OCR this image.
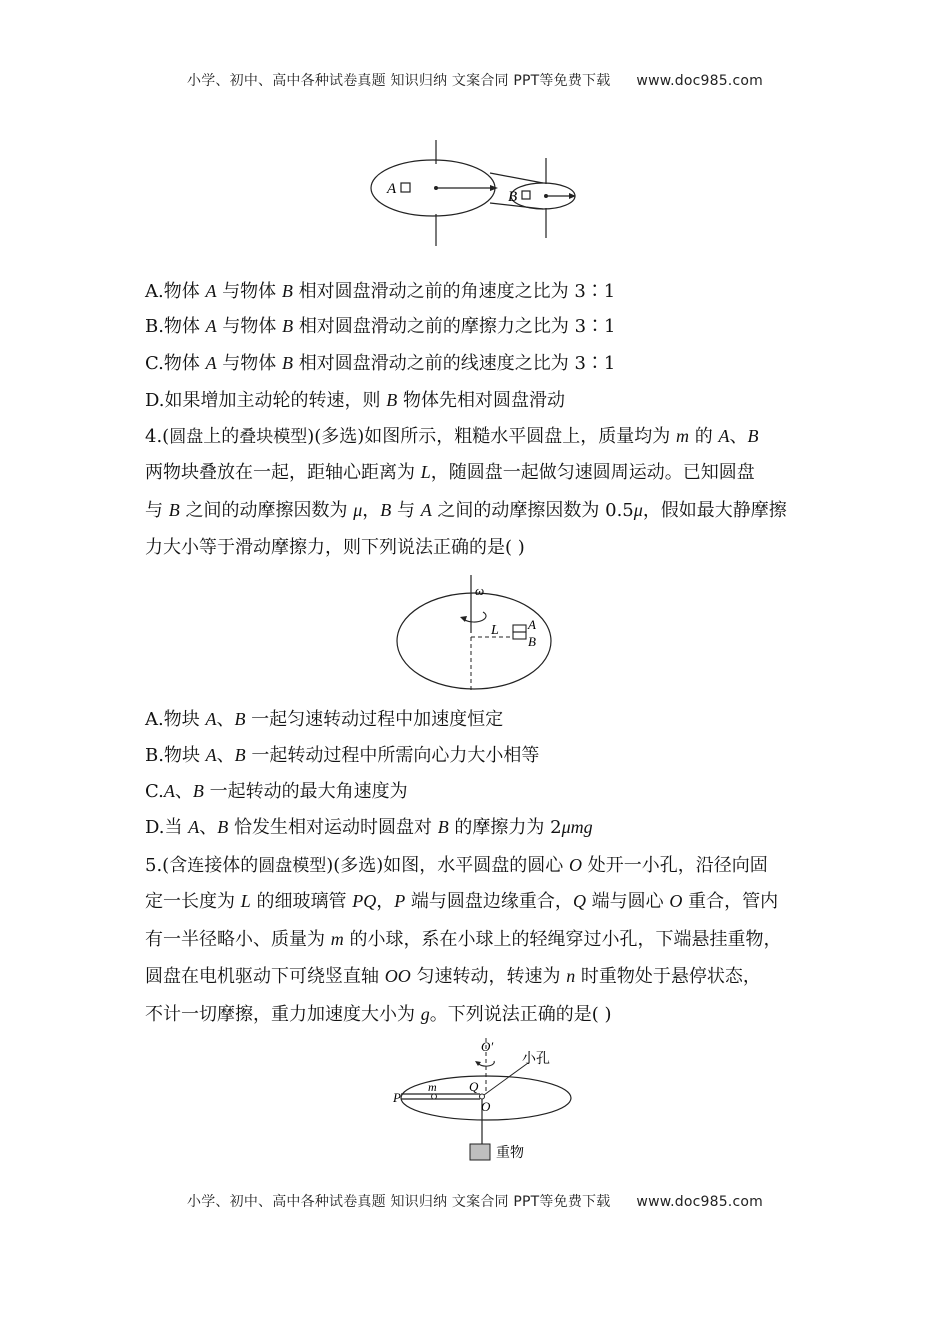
小学、初中、高中各种试卷真题 知识归纳 文案合同 PPT等免费下载 www.doc985.com
A	B
A.物体 A 与物体 B 相对圆盘滑动之前的角速度之比为 3∶1
B.物体 A 与物体 B 相对圆盘滑动之前的摩擦力之比为 3∶1
C.物体 A 与物体 B 相对圆盘滑动之前的线速度之比为 3∶1
D.如果增加主动轮的转速，则 B 物体先相对圆盘滑动
4.(圆盘上的叠块模型)(多选)如图所示，粗糙水平圆盘上，质量均为 m 的 A、B
两物块叠放在一起，距轴心距离为 L，随圆盘一起做匀速圆周运动。已知圆盘
与 B 之间的动摩擦因数为 μ，B 与 A 之间的动摩擦因数为 0.5μ，假如最大静摩擦
力大小等于滑动摩擦力，则下列说法正确的是( )
ω
L A
B
A.物块 A、B 一起匀速转动过程中加速度恒定
B.物块 A、B 一起转动过程中所需向心力大小相等
C.A、B 一起转动的最大角速度为
D.当 A、B 恰发生相对运动时圆盘对 B 的摩擦力为 2μmg
5.(含连接体的圆盘模型)(多选)如图，水平圆盘的圆心 O 处开一小孔，沿径向固
定一长度为 L 的细玻璃管 PQ，P 端与圆盘边缘重合，Q 端与圆心 O 重合，管内
有一半径略小、质量为 m 的小球，系在小球上的轻绳穿过小孔，下端悬挂重物，
圆盘在电机驱动下可绕竖直轴 OO 匀速转动，转速为 n 时重物处于悬停状态，
不计一切摩擦，重力加速度大小为 g。下列说法正确的是( )
O′
小孔
m Q
P
O
重物
小学、初中、高中各种试卷真题 知识归纳 文案合同 PPT等免费下载 www.doc985.com
